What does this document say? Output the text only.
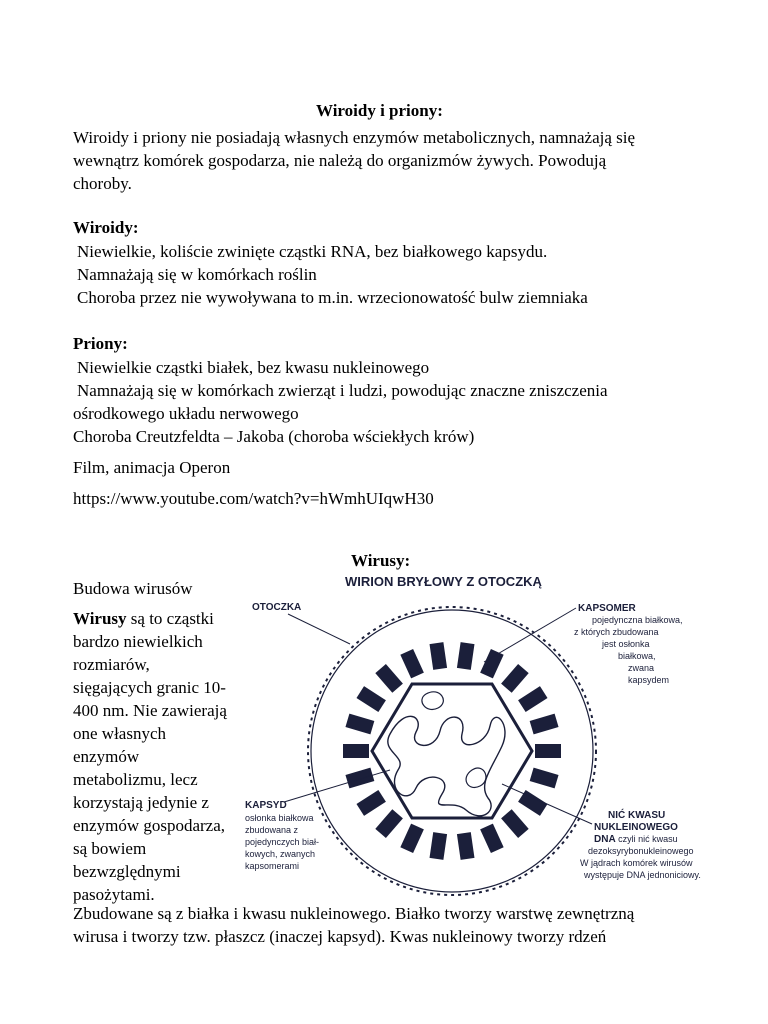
Wiroidy i priony:
Wiroidy i priony nie posiadają własnych enzymów metabolicznych, namnażają się
wewnątrz komórek gospodarza, nie należą do organizmów żywych. Powodują
choroby.
Wiroidy:
Niewielkie, koliście zwinięte cząstki RNA, bez białkowego kapsydu.
Namnażają się w komórkach roślin
Choroba przez nie wywoływana to m.in. wrzecionowatość bulw ziemniaka
Priony:
Niewielkie cząstki białek, bez kwasu nukleinowego
Namnażają się w komórkach zwierząt i ludzi, powodując znaczne zniszczenia
ośrodkowego układu nerwowego
Choroba Creutzfeldta – Jakoba (choroba wściekłych krów)
Film, animacja Operon
https://www.youtube.com/watch?v=hWmhUIqwH30
Wirusy:
Budowa wirusów
Wirusy są to cząstki
bardzo niewielkich
rozmiarów,
sięgających granic 10-
400 nm. Nie zawierają
one własnych
enzymów
metabolizmu, lecz
korzystają jedynie z
enzymów gospodarza,
są bowiem
bezwzględnymi
pasożytami.
Zbudowane są z białka i kwasu nukleinowego. Białko tworzy warstwę zewnętrzną
wirusa i tworzy tzw. płaszcz (inaczej kapsyd). Kwas nukleinowy tworzy rdzeń
WIRION BRYŁOWY Z OTOCZKĄ
OTOCZKA	KAPSOMER
pojedynczna białkowa,
z których zbudowana
jest osłonka
białkowa,
zwana
kapsydem
KAPSYD
osłonka białkowa
zbudowana z
pojedynczych biał-
kowych, zwanych
kapsomerami
NIĆ KWASU
NUKLEINOWEGO
DNA czyli nić kwasu
dezoksyrybonukleinowego
W jądrach komórek wirusów
występuje DNA jednoniciowy.
